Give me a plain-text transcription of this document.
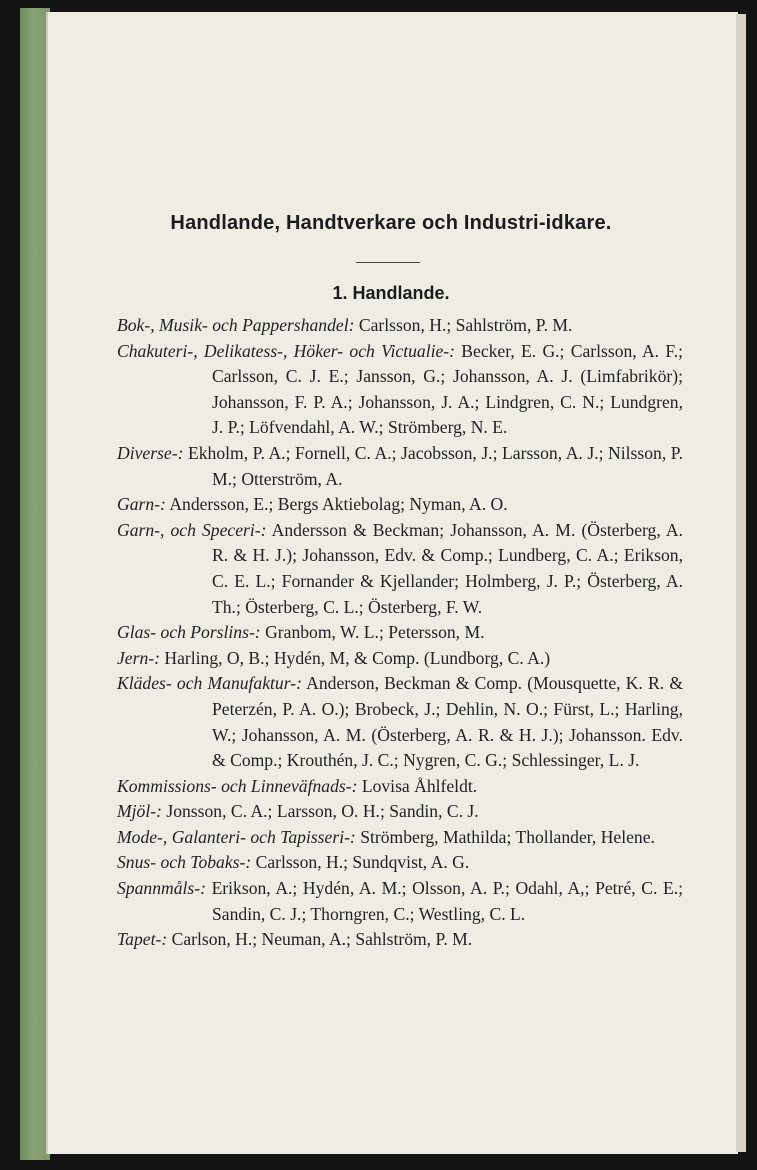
Handlande, Handtverkare och Industri-idkare.
1. Handlande.

Bok-, Musik- och Pappershandel: Carlsson, H.; Sahlström, P. M.

Chakuteri-, Delikatess-, Höker- och Victualie-: Becker, E. G.; Carlsson, A. F.; Carlsson, C. J. E.; Jansson, G.; Johansson, A. J. (Limfabrikör); Johansson, F. P. A.; Johansson, J. A.; Lindgren, C. N.; Lundgren, J. P.; Löfvendahl, A. W.; Strömberg, N. E.

Diverse-: Ekholm, P. A.; Fornell, C. A.; Jacobsson, J.; Larsson, A. J.; Nilsson, P. M.; Otterström, A.

Garn-: Andersson, E.; Bergs Aktiebolag; Nyman, A. O.

Garn-, och Speceri-: Andersson & Beckman; Johansson, A. M. (Österberg, A. R. & H. J.); Johansson, Edv. & Comp.; Lundberg, C. A.; Erikson, C. E. L.; Fornander & Kjellander; Holmberg, J. P.; Österberg, A. Th.; Österberg, C. L.; Österberg, F. W.

Glas- och Porslins-: Granbom, W. L.; Petersson, M.

Jern-: Harling, O, B.; Hydén, M, & Comp. (Lundborg, C. A.)

Klädes- och Manufaktur-: Anderson, Beckman & Comp. (Mousquette, K. R. & Peterzén, P. A. O.); Brobeck, J.; Dehlin, N. O.; Fürst, L.; Harling, W.; Johansson, A. M. (Österberg, A. R. & H. J.); Johansson. Edv. & Comp.; Krouthén, J. C.; Nygren, C. G.; Schlessinger, L. J.

Kommissions- och Linneväfnads-: Lovisa Åhlfeldt.

Mjöl-: Jonsson, C. A.; Larsson, O. H.; Sandin, C. J.

Mode-, Galanteri- och Tapisseri-: Strömberg, Mathilda; Thollander, Helene.

Snus- och Tobaks-: Carlsson, H.; Sundqvist, A. G.

Spannmåls-: Erikson, A.; Hydén, A. M.; Olsson, A. P.; Odahl, A,; Petré, C. E.; Sandin, C. J.; Thorngren, C.; Westling, C. L.

Tapet-: Carlson, H.; Neuman, A.; Sahlström, P. M.
